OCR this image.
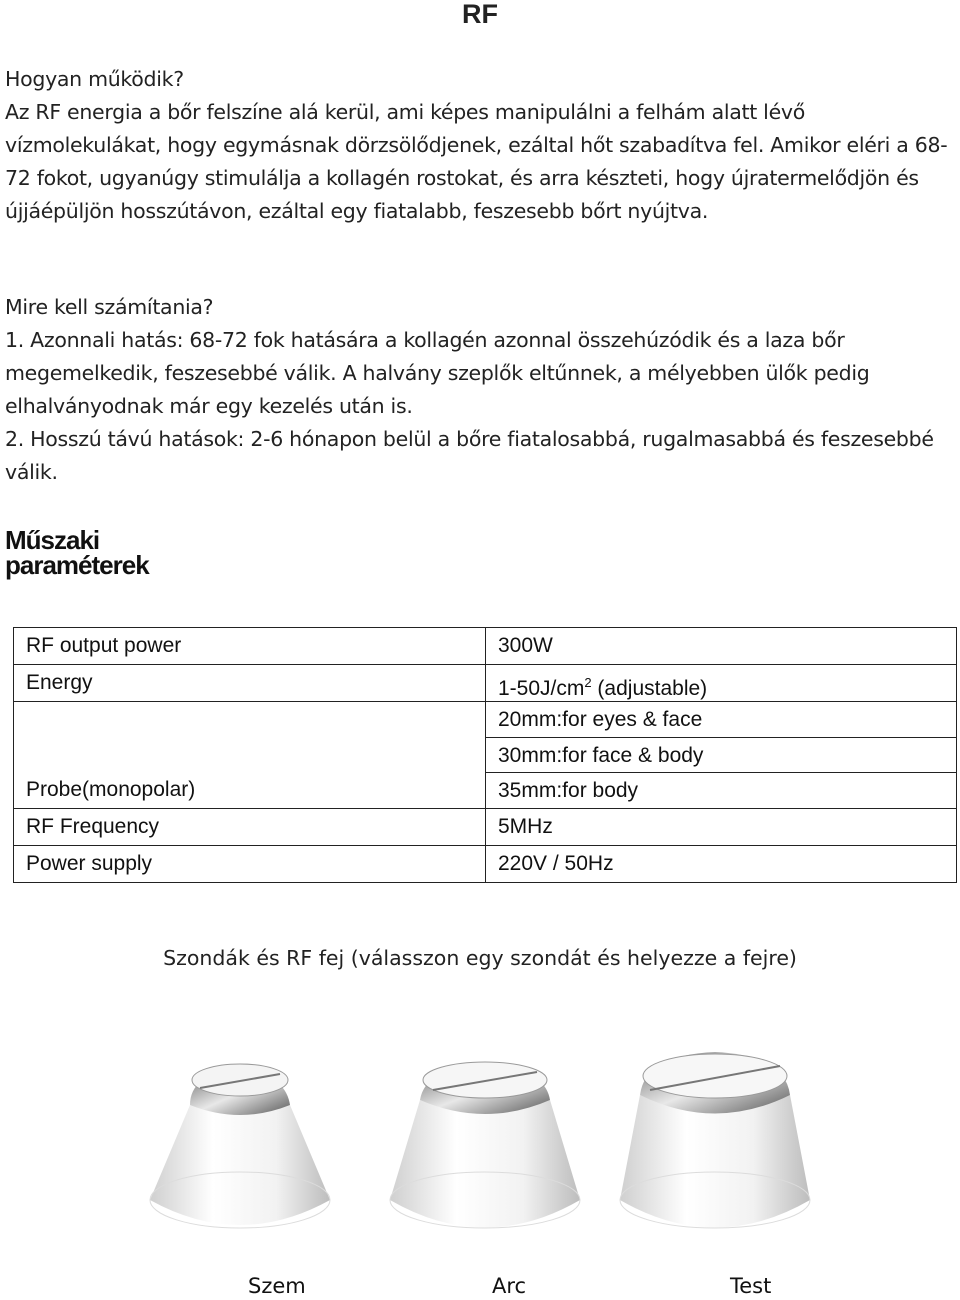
RF

Hogyan működik?

Az RF energia a bőr felszíne alá kerül, ami képes manipulálni a felhám alatt lévő vízmolekulákat, hogy egymásnak dörzsölődjenek, ezáltal hőt szabadítva fel. Amikor eléri a 68-72 fokot, ugyanúgy stimulálja a kollagén rostokat, és arra készteti, hogy újratermelődjön és újjáépüljön hosszútávon, ezáltal egy fiatalabb, feszesebb bőrt nyújtva.

Mire kell számítania?

1. Azonnali hatás: 68-72 fok hatására a kollagén azonnal összehúzódik és a laza bőr megemelkedik, feszesebbé válik. A halvány szeplők eltűnnek, a mélyebben ülők pedig elhalványodnak már egy kezelés után is.

2. Hosszú távú hatások: 2-6 hónapon belül a bőre fiatalosabbá, rugalmasabbá és feszesebbé válik.

Műszaki
paraméterek
RF output power	300W

Energy	$1-50J/cm^2$ (adjustable)

Probe(monopolar)	20mm:for eyes & face
30mm:for face & body
35mm:for body

RF Frequency	5MHz

Power supply	220V / 50Hz
Szondák és RF fej (válasszon egy szondát és helyezze a fejre)
Szem	Arc	Test
